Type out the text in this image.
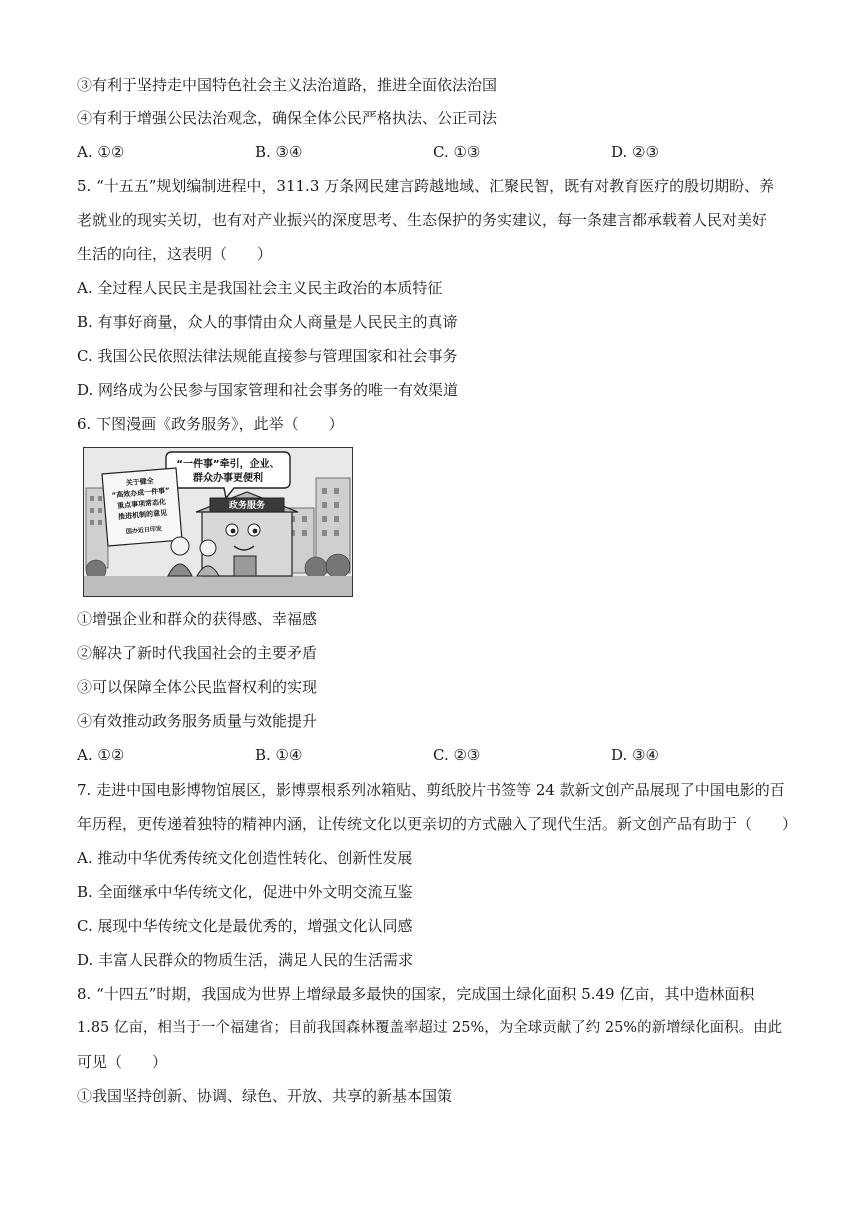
③有利于坚持走中国特色社会主义法治道路，推进全面依法治国
④有利于增强公民法治观念，确保全体公民严格执法、公正司法
A. ①②	B. ③④	C. ①③	D. ②③
5. “十五五”规划编制进程中，311.3 万条网民建言跨越地域、汇聚民智，既有对教育医疗的殷切期盼、养
老就业的现实关切，也有对产业振兴的深度思考、生态保护的务实建议，每一条建言都承载着人民对美好
生活的向往，这表明（　　）
A. 全过程人民民主是我国社会主义民主政治的本质特征
B. 有事好商量，众人的事情由众人商量是人民民主的真谛
C. 我国公民依照法律法规能直接参与管理国家和社会事务
D. 网络成为公民参与国家管理和社会事务的唯一有效渠道
6. 下图漫画《政务服务》，此举（　　）
“一件事”牵引，企业、
群众办事更便利
政务服务
关于健全
“高效办成一件事”
重点事项常态化
推进机制的意见
国办近日印发
①增强企业和群众的获得感、幸福感
②解决了新时代我国社会的主要矛盾
③可以保障全体公民监督权利的实现
④有效推动政务服务质量与效能提升
A. ①②	B. ①④	C. ②③	D. ③④
7. 走进中国电影博物馆展区，影博票根系列冰箱贴、剪纸胶片书签等 24 款新文创产品展现了中国电影的百
年历程，更传递着独特的精神内涵，让传统文化以更亲切的方式融入了现代生活。新文创产品有助于（　　）
A. 推动中华优秀传统文化创造性转化、创新性发展
B. 全面继承中华传统文化，促进中外文明交流互鉴
C. 展现中华传统文化是最优秀的，增强文化认同感
D. 丰富人民群众的物质生活，满足人民的生活需求
8. “十四五”时期，我国成为世界上增绿最多最快的国家，完成国土绿化面积 5.49 亿亩，其中造林面积
1.85 亿亩，相当于一个福建省；目前我国森林覆盖率超过 25%，为全球贡献了约 25%的新增绿化面积。由此
可见（　　）
①我国坚持创新、协调、绿色、开放、共享的新基本国策
